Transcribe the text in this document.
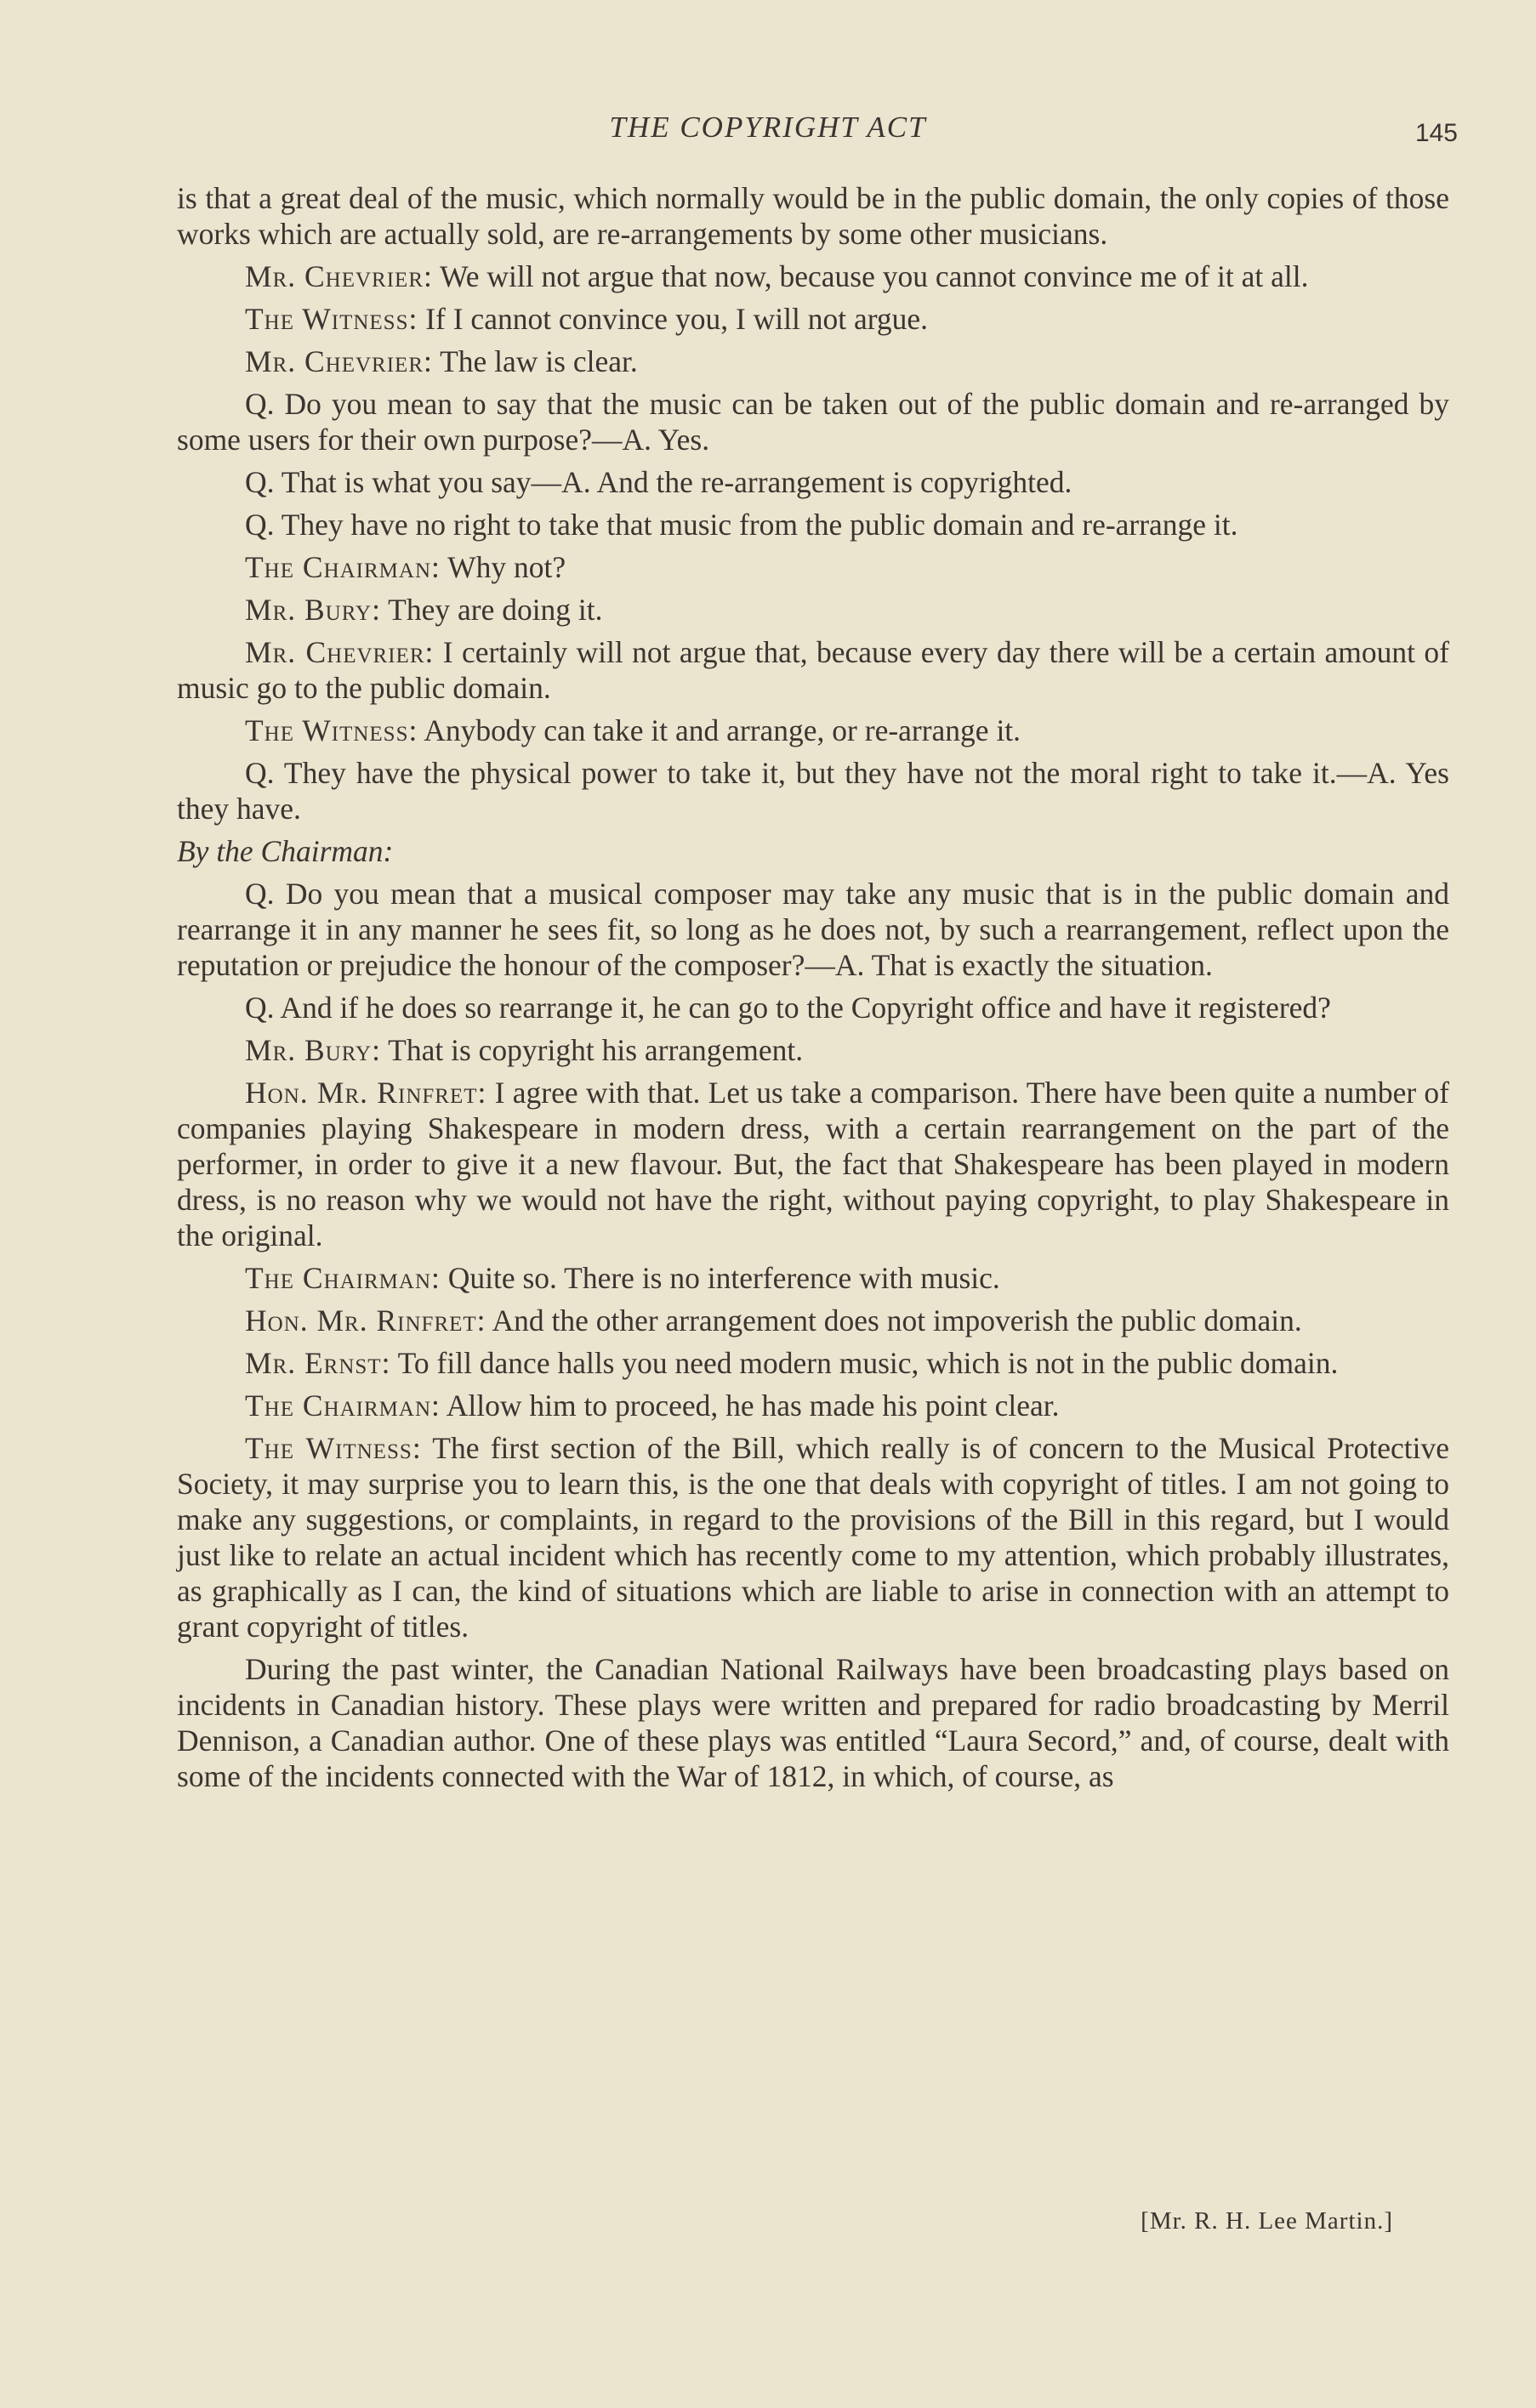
THE COPYRIGHT ACT	145

is that a great deal of the music, which normally would be in the public domain, the only copies of those works which are actually sold, are re-arrangements by some other musicians.

Mr. Chevrier: We will not argue that now, because you cannot convince me of it at all.

The Witness: If I cannot convince you, I will not argue.

Mr. Chevrier: The law is clear.

Q. Do you mean to say that the music can be taken out of the public domain and re-arranged by some users for their own purpose?—A. Yes.

Q. That is what you say—A. And the re-arrangement is copyrighted.

Q. They have no right to take that music from the public domain and re-arrange it.

The Chairman: Why not?

Mr. Bury: They are doing it.

Mr. Chevrier: I certainly will not argue that, because every day there will be a certain amount of music go to the public domain.

The Witness: Anybody can take it and arrange, or re-arrange it.

Q. They have the physical power to take it, but they have not the moral right to take it.—A. Yes they have.

By the Chairman:

Q. Do you mean that a musical composer may take any music that is in the public domain and rearrange it in any manner he sees fit, so long as he does not, by such a rearrangement, reflect upon the reputation or prejudice the honour of the composer?—A. That is exactly the situation.

Q. And if he does so rearrange it, he can go to the Copyright office and have it registered?

Mr. Bury: That is copyright his arrangement.

Hon. Mr. Rinfret: I agree with that. Let us take a comparison. There have been quite a number of companies playing Shakespeare in modern dress, with a certain rearrangement on the part of the performer, in order to give it a new flavour. But, the fact that Shakespeare has been played in modern dress, is no reason why we would not have the right, without paying copyright, to play Shakespeare in the original.

The Chairman: Quite so. There is no interference with music.

Hon. Mr. Rinfret: And the other arrangement does not impoverish the public domain.

Mr. Ernst: To fill dance halls you need modern music, which is not in the public domain.

The Chairman: Allow him to proceed, he has made his point clear.

The Witness: The first section of the Bill, which really is of concern to the Musical Protective Society, it may surprise you to learn this, is the one that deals with copyright of titles. I am not going to make any suggestions, or complaints, in regard to the provisions of the Bill in this regard, but I would just like to relate an actual incident which has recently come to my attention, which probably illustrates, as graphically as I can, the kind of situations which are liable to arise in connection with an attempt to grant copyright of titles.

During the past winter, the Canadian National Railways have been broadcasting plays based on incidents in Canadian history. These plays were written and prepared for radio broadcasting by Merril Dennison, a Canadian author. One of these plays was entitled “Laura Secord,” and, of course, dealt with some of the incidents connected with the War of 1812, in which, of course, as

[Mr. R. H. Lee Martin.]
